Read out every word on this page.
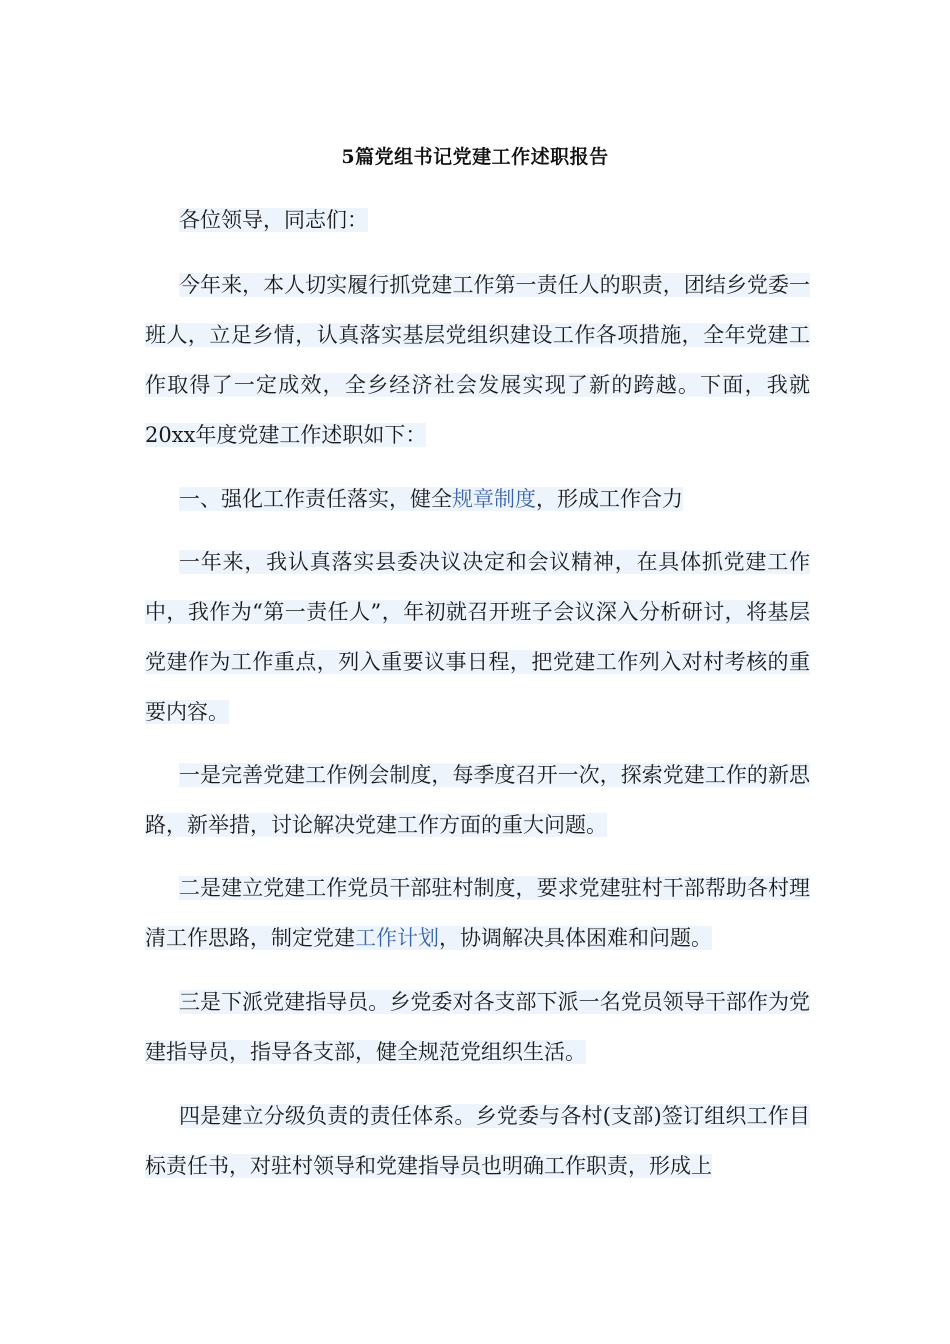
5篇党组书记党建工作述职报告
各位领导，同志们：
今年来，本人切实履行抓党建工作第一责任人的职责，团结乡党委一班人，立足乡情，认真落实基层党组织建设工作各项措施，全年党建工作取得了一定成效，全乡经济社会发展实现了新的跨越。下面，我就20xx年度党建工作述职如下：
一、强化工作责任落实，健全规章制度，形成工作合力
一年来，我认真落实县委决议决定和会议精神，在具体抓党建工作中，我作为“第一责任人”，年初就召开班子会议深入分析研讨，将基层党建作为工作重点，列入重要议事日程，把党建工作列入对村考核的重要内容。
一是完善党建工作例会制度，每季度召开一次，探索党建工作的新思路，新举措，讨论解决党建工作方面的重大问题。
二是建立党建工作党员干部驻村制度，要求党建驻村干部帮助各村理清工作思路，制定党建工作计划，协调解决具体困难和问题。
三是下派党建指导员。乡党委对各支部下派一名党员领导干部作为党建指导员，指导各支部，健全规范党组织生活。
四是建立分级负责的责任体系。乡党委与各村(支部)签订组织工作目标责任书，对驻村领导和党建指导员也明确工作职责，形成上
